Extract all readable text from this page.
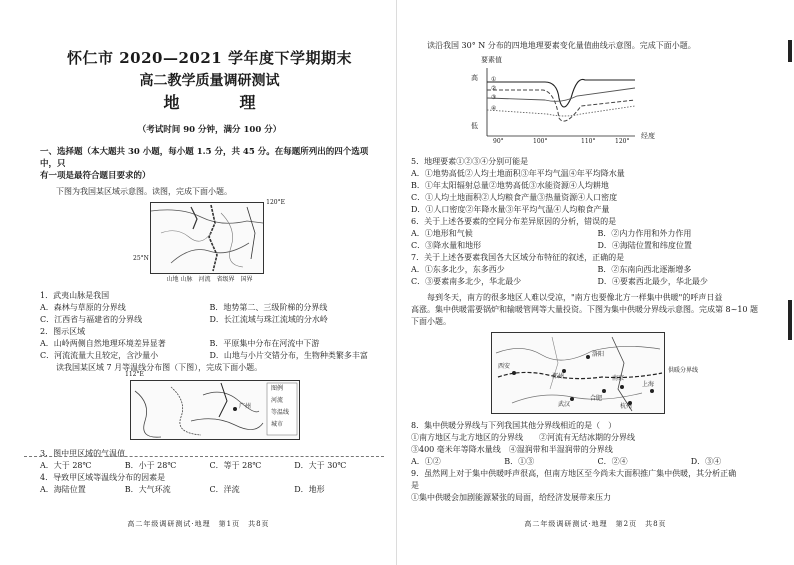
怀仁市 2020—2021 学年度下学期期末
高二教学质量调研测试
地　理
（考试时间 90 分钟，满分 100 分）
一、选择题（本大题共 30 小题，每小题 1.5 分，共 45 分。在每题所列出的四个选项中，只
有一项是最符合题目要求的）

下图为我国某区域示意图。读图，完成下面小题。

120°E
25°N
山地 山脉　河流　省级界　国界

1．武夷山脉是我国

A．森林与草原的分界线	B．地势第二、三级阶梯的分界线
C．江西省与福建省的分界线	D．长江流域与珠江流域的分水岭

2．图示区域

A．山岭两侧自然地理环境差异显著	B．平原集中分布在河流中下游
C．河流流量大且较定，含沙量小	D．山地与小片交错分布，生物种类繁多丰富

读我国某区域 7 月等温线分布图（下图），完成下面小题。

112°E
广州
图例
河流
等温线
城市

3．图中甲区域的气温值

A．大于 28℃	B．小于 28℃	C．等于 28℃	D．大于 30℃

4．导致甲区域等温线分布的因素是

A．海陆位置	B．大气环流	C．洋流	D．地形
高二年级调研测试·地理　第1页　共8页

读沿我国 30° N 分布的四地地理要素变化量值曲线示意图。完成下面小题。

要素值
高
低
①
②
③
④
90°	100°	110°	120°
经度

5．地理要素①②③④分别可能是

A．①地势高低②人均土地面积③年平均气温④年平均降水量

B．①年太阳辐射总量②地势高低③水能资源④人均耕地

C．①人均土地面积②人均粮食产量③热量资源④人口密度

D．①人口密度②年降水量③年平均气温④人均粮食产量

6．关于上述各要素的空间分布差异原因的分析，错误的是

A．①地形和气候	B．②内力作用和外力作用
C．③降水量和地形	D．④海陆位置和纬度位置

7．关于上述各要素我国各大区域分布特征的叙述，正确的是

A．①东多北少，东多西少	B．②东南向西北逐渐增多
C．③要素南多北少，华北最少	D．④要素西北最少，华北最少

每到冬天，南方的很多地区人难以受凉，"南方也要像北方一样集中供暖"的呼声日益

高涨。集中供暖需要锅炉和输暖管网等大量投资。下图为集中供暖分界线示意图。完成第 8~10 题

下面小题。

西安
洛阳
郑州	南京
上海
杭州
合肥
武汉
供暖分界线

8．集中供暖分界线与下列我国其他分界线相近的是（　）

①南方地区与北方地区的分界线　　②河流有无结冰期的分界线

③400 毫米年等降水量线　④湿润带和半湿润带的分界线

A．①②	B．①③	C．②④	D．③④

9．虽然网上对于集中供暖呼声很高，但南方地区至今尚未大面积推广集中供暖，其分析正确

是

①集中供暖会加剧能源紧张的局面，给经济发展带来压力

高二年级调研测试·地理　第2页　共8页
